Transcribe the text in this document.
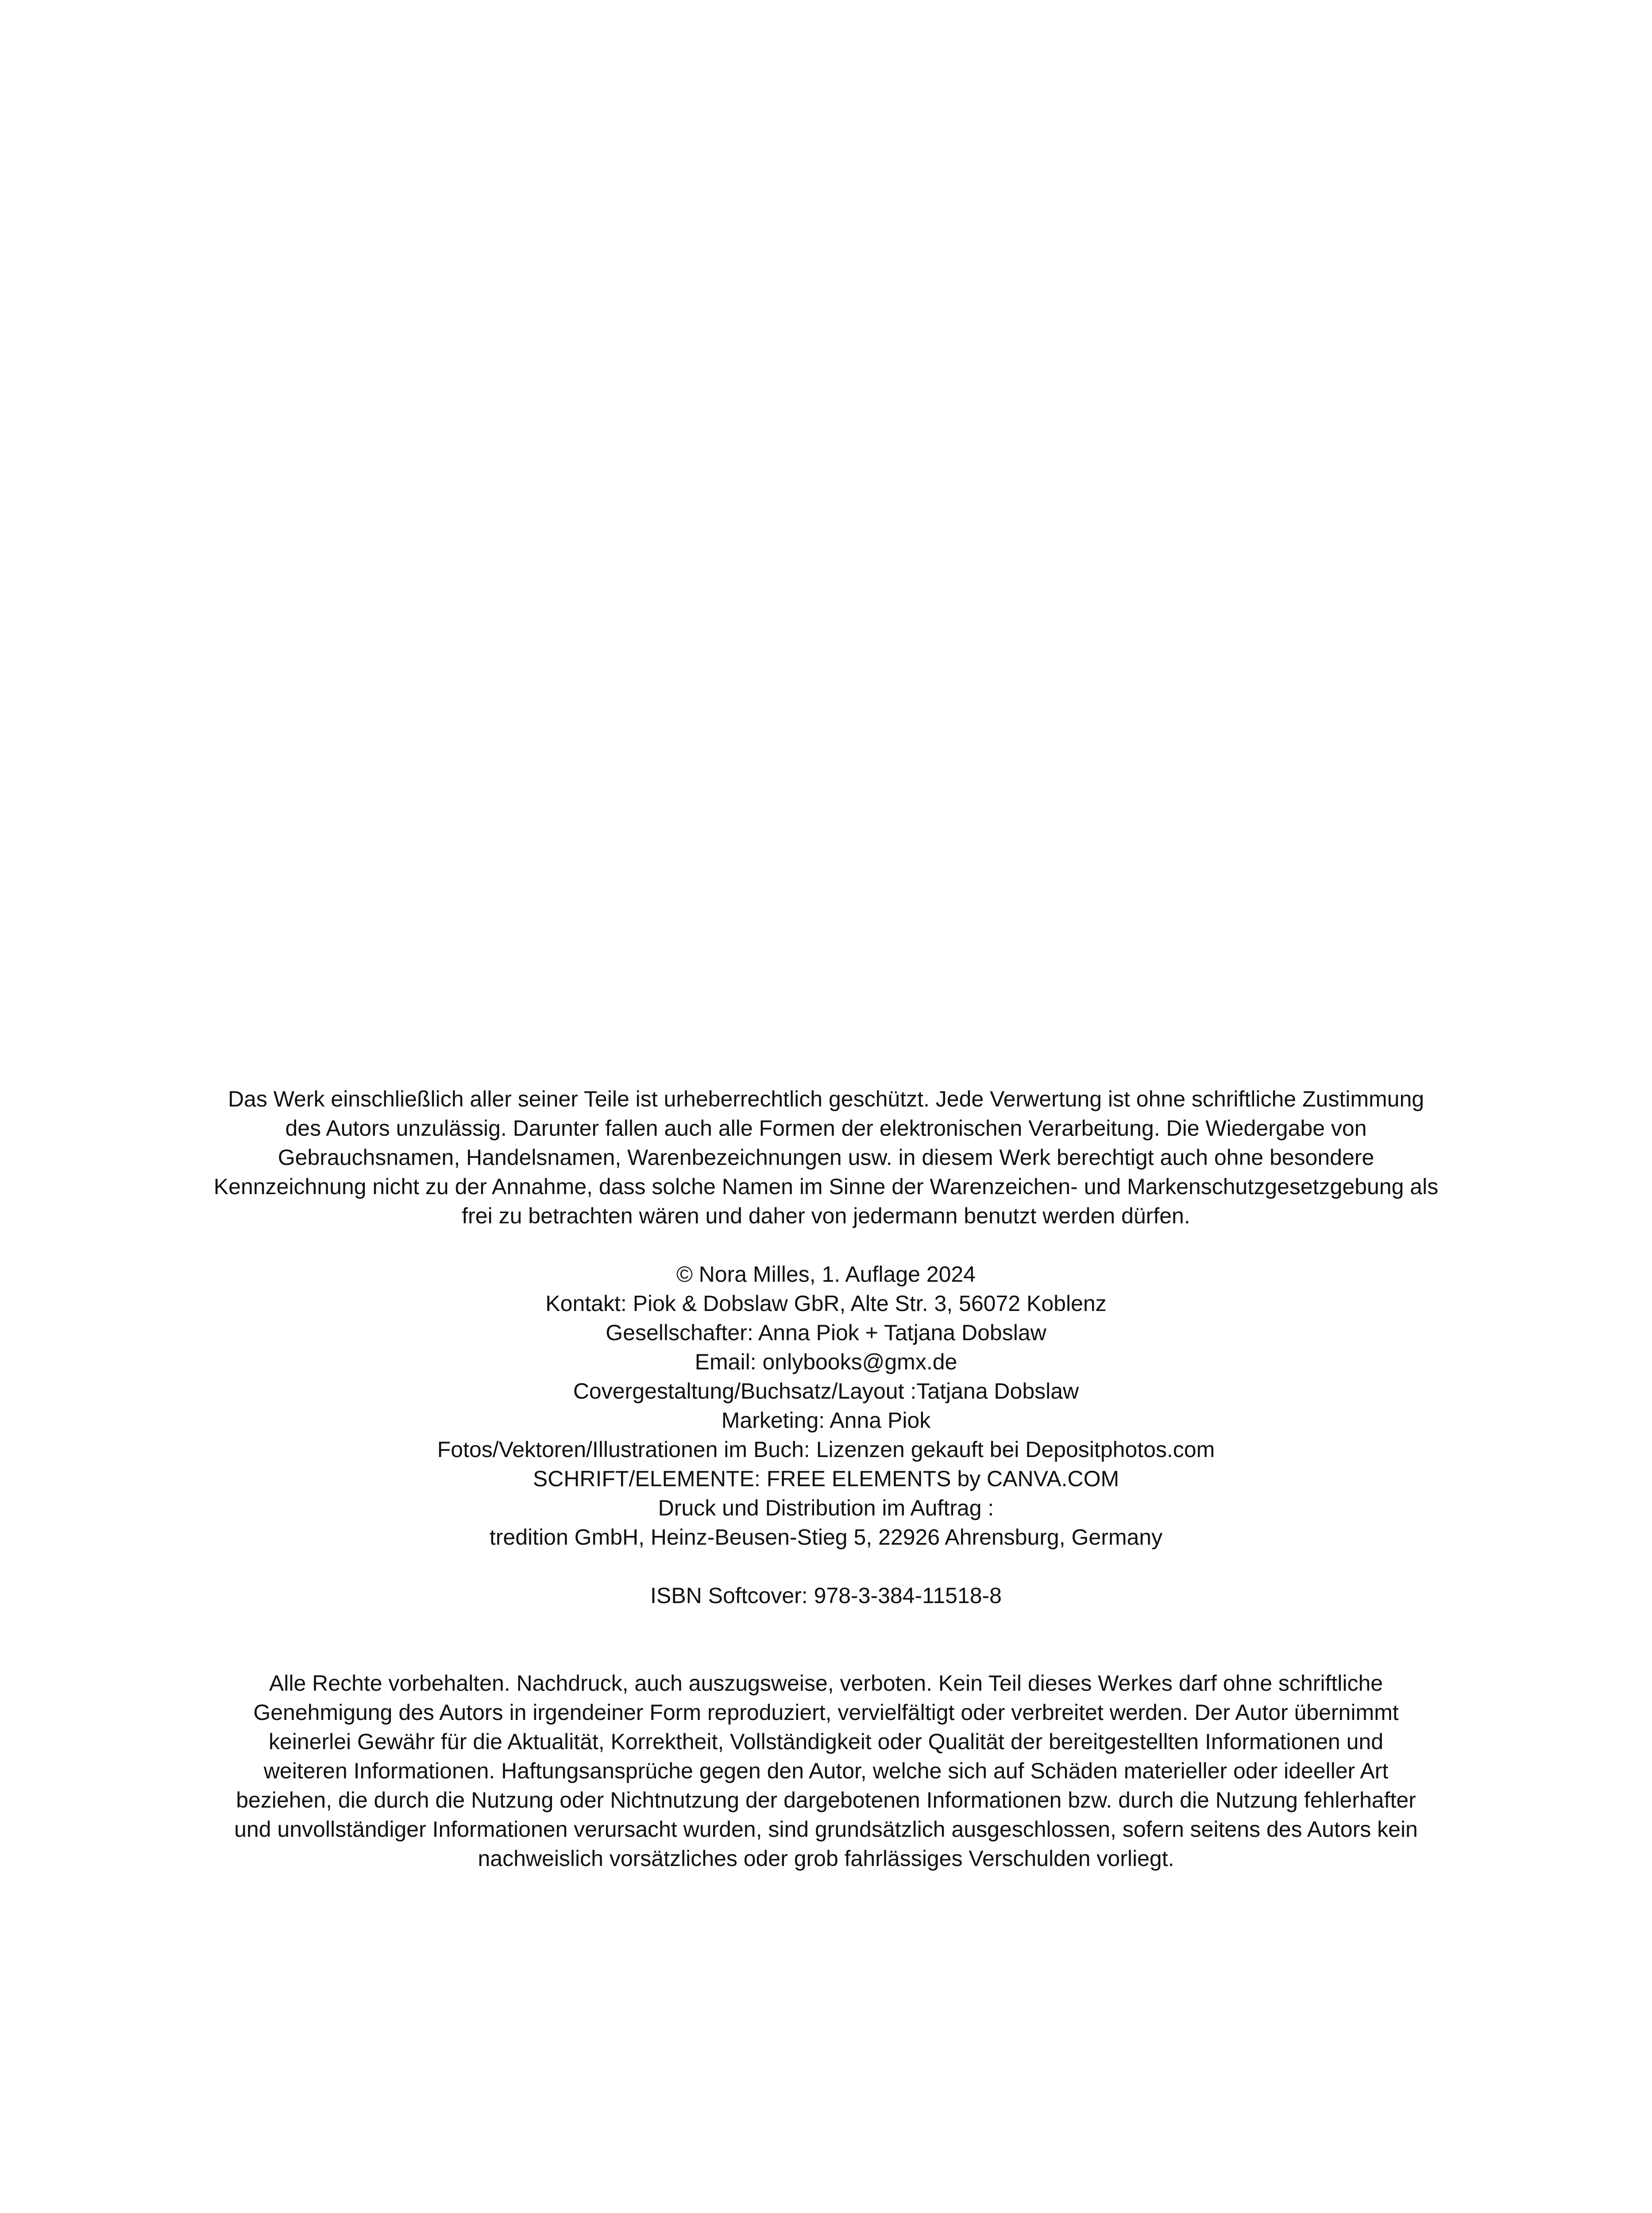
Das Werk einschließlich aller seiner Teile ist urheberrechtlich geschützt. Jede Verwertung ist ohne schriftliche Zustimmung

des Autors unzulässig. Darunter fallen auch alle Formen der elektronischen Verarbeitung. Die Wiedergabe von

Gebrauchsnamen, Handelsnamen, Warenbezeichnungen usw. in diesem Werk berechtigt auch ohne besondere

Kennzeichnung nicht zu der Annahme, dass solche Namen im Sinne der Warenzeichen- und Markenschutzgesetzgebung als

frei zu betrachten wären und daher von jedermann benutzt werden dürfen.

© Nora Milles, 1. Auflage 2024

Kontakt: Piok & Dobslaw GbR, Alte Str. 3, 56072 Koblenz

Gesellschafter: Anna Piok + Tatjana Dobslaw

Email: onlybooks@gmx.de

Covergestaltung/Buchsatz/Layout :Tatjana Dobslaw

Marketing: Anna Piok

Fotos/Vektoren/Illustrationen im Buch: Lizenzen gekauft bei Depositphotos.com

SCHRIFT/ELEMENTE: FREE ELEMENTS by CANVA.COM

Druck und Distribution im Auftrag :

tredition GmbH, Heinz-Beusen-Stieg 5, 22926 Ahrensburg, Germany

ISBN Softcover: 978-3-384-11518-8

Alle Rechte vorbehalten. Nachdruck, auch auszugsweise, verboten. Kein Teil dieses Werkes darf ohne schriftliche

Genehmigung des Autors in irgendeiner Form reproduziert, vervielfältigt oder verbreitet werden. Der Autor übernimmt

keinerlei Gewähr für die Aktualität, Korrektheit, Vollständigkeit oder Qualität der bereitgestellten Informationen und

weiteren Informationen. Haftungsansprüche gegen den Autor, welche sich auf Schäden materieller oder ideeller Art

beziehen, die durch die Nutzung oder Nichtnutzung der dargebotenen Informationen bzw. durch die Nutzung fehlerhafter

und unvollständiger Informationen verursacht wurden, sind grundsätzlich ausgeschlossen, sofern seitens des Autors kein

nachweislich vorsätzliches oder grob fahrlässiges Verschulden vorliegt.
